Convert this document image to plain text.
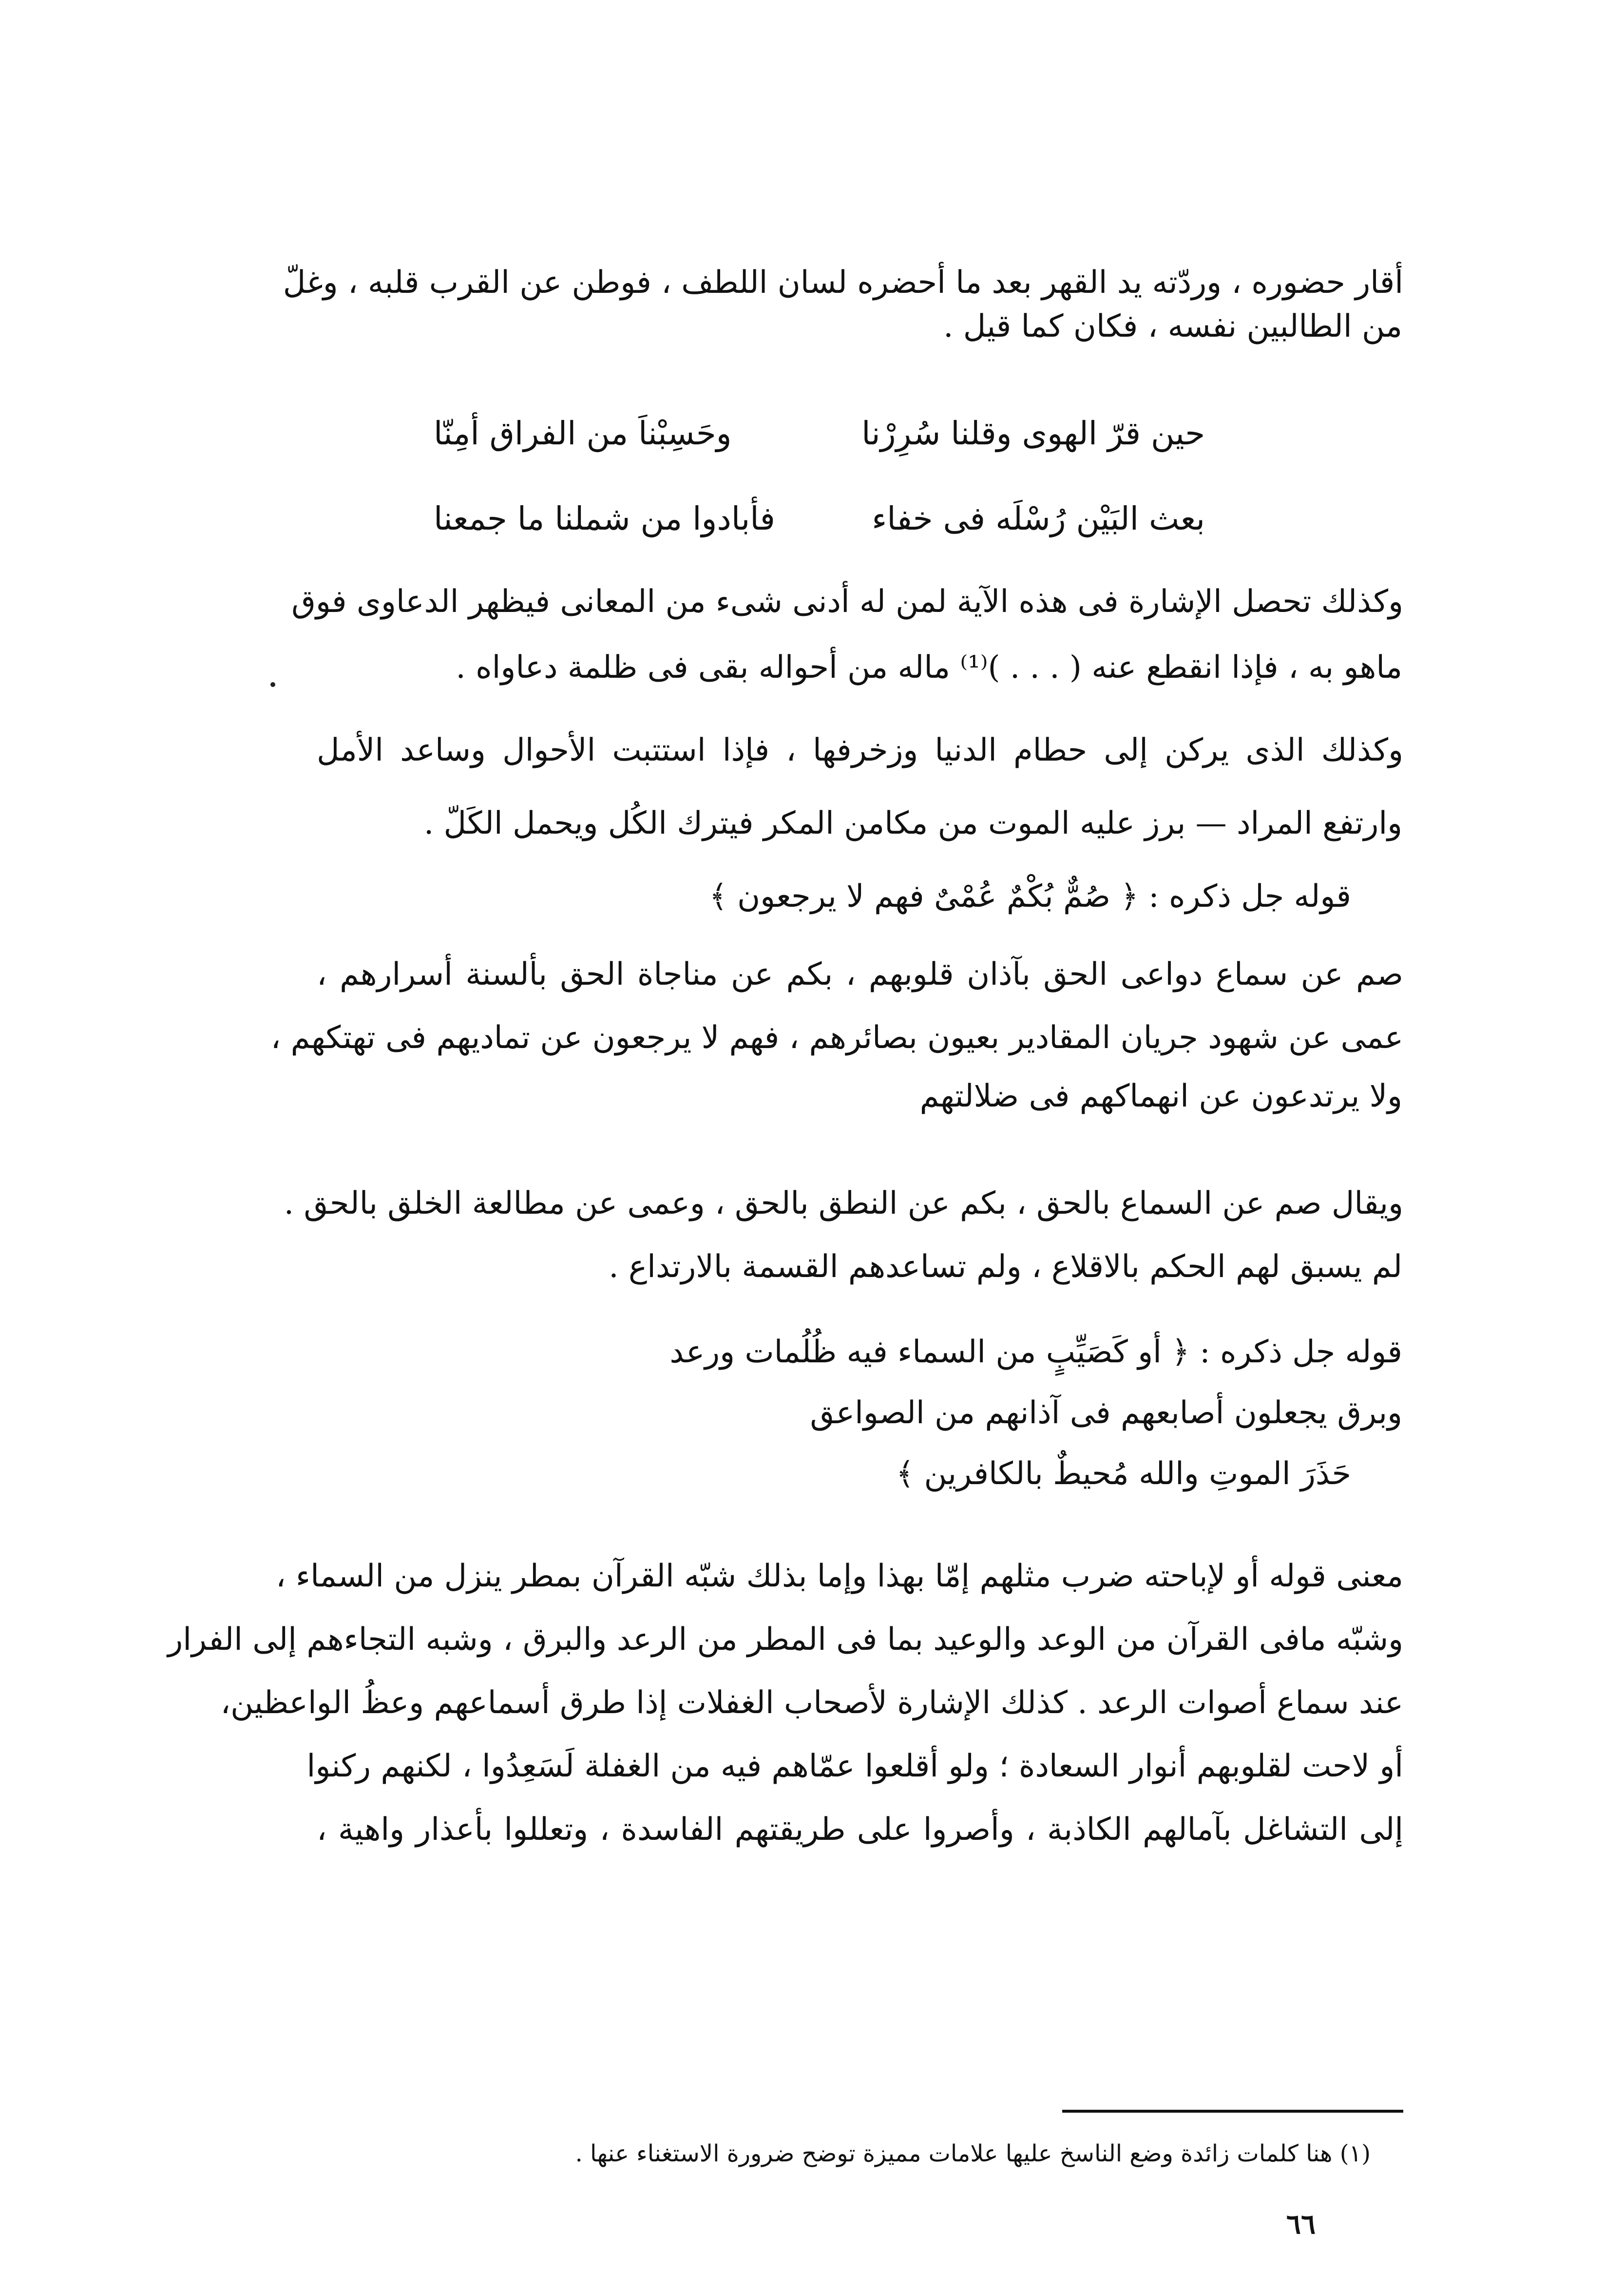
أقار حضوره ، وردّته يد القهر بعد ما أحضره لسان اللطف ، فوطن عن القرب قلبه ، وغلّ
من الطالبين نفسه ، فكان كما قيل .
حين قرّ الهوى وقلنا سُرِرْنا
وحَسِبْناَ من الفراق أمِنّا
بعث البَيْن رُسْلَه فى خفاء
فأبادوا من شملنا ما جمعنا
وكذلك تحصل الإشارة فى هذه الآية لمن له أدنى شىء من المعانى فيظهر الدعاوى فوق
ماهو به ، فإذا انقطع عنه ( . . . )⁽¹⁾ ماله من أحواله بقى فى ظلمة دعاواه .
وكذلك الذى يركن إلى حطام الدنيا وزخرفها ، فإذا استتبت الأحوال وساعد الأمل
وارتفع المراد — برز عليه الموت من مكامن المكر فيترك الكُل ويحمل الكَلّ .
قوله جل ذكره : ﴿ صُمٌّ بُكْمٌ عُمْىٌ فهم لا يرجعون ﴾
صم عن سماع دواعى الحق بآذان قلوبهم ، بكم عن مناجاة الحق بألسنة أسرارهم ،
عمى عن شهود جريان المقادير بعيون بصائرهم ، فهم لا يرجعون عن تماديهم فى تهتكهم ،
ولا يرتدعون عن انهماكهم فى ضلالتهم
ويقال صم عن السماع بالحق ، بكم عن النطق بالحق ، وعمى عن مطالعة الخلق بالحق .
لم يسبق لهم الحكم بالاقلاع ، ولم تساعدهم القسمة بالارتداع .
قوله جل ذكره : ﴿ أو كَصَيِّبٍ من السماء فيه ظُلُمات ورعد
وبرق يجعلون أصابعهم فى آذانهم من الصواعق
حَذَرَ الموتِ والله مُحيطٌ بالكافرين ﴾
معنى قوله أو لإباحته ضرب مثلهم إمّا بهذا وإما بذلك شبّه القرآن بمطر ينزل من السماء ،
وشبّه مافى القرآن من الوعد والوعيد بما فى المطر من الرعد والبرق ، وشبه التجاءهم إلى الفرار
عند سماع أصوات الرعد . كذلك الإشارة لأصحاب الغفلات إذا طرق أسماعهم وعظُ الواعظين،
أو لاحت لقلوبهم أنوار السعادة ؛ ولو أقلعوا عمّاهم فيه من الغفلة لَسَعِدُوا ، لكنهم ركنوا
إلى التشاغل بآمالهم الكاذبة ، وأصروا على طريقتهم الفاسدة ، وتعللوا بأعذار واهية ،
(١) هنا كلمات زائدة وضع الناسخ عليها علامات مميزة توضح ضرورة الاستغناء عنها .
٦٦
